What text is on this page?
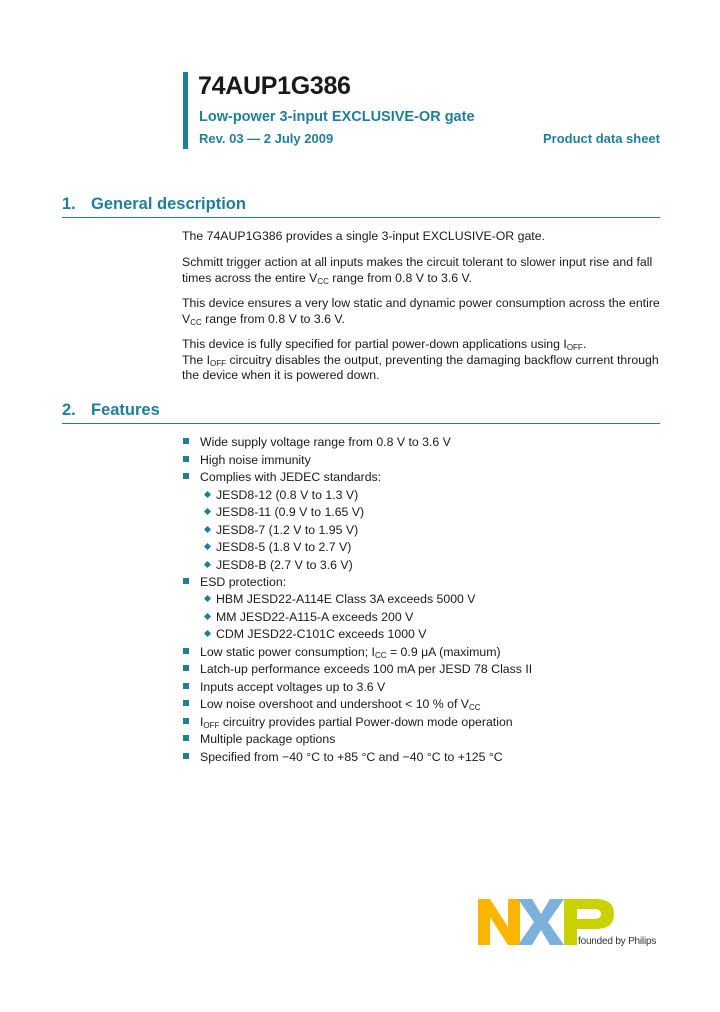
74AUP1G386
Low-power 3-input EXCLUSIVE-OR gate
Rev. 03 — 2 July 2009	Product data sheet
1. General description
The 74AUP1G386 provides a single 3-input EXCLUSIVE-OR gate.
Schmitt trigger action at all inputs makes the circuit tolerant to slower input rise and fall
times across the entire $V_{CC}$ range from 0.8 V to 3.6 V.
This device ensures a very low static and dynamic power consumption across the entire
$V_{CC}$ range from 0.8 V to 3.6 V.
This device is fully specified for partial power-down applications using $I_{OFF}$.
The $I_{OFF}$ circuitry disables the output, preventing the damaging backflow current through
the device when it is powered down.
2. Features
Wide supply voltage range from 0.8 V to 3.6 V
High noise immunity
Complies with JEDEC standards:
JESD8-12 (0.8 V to 1.3 V)
JESD8-11 (0.9 V to 1.65 V)
JESD8-7 (1.2 V to 1.95 V)
JESD8-5 (1.8 V to 2.7 V)
JESD8-B (2.7 V to 3.6 V)
ESD protection:
HBM JESD22-A114E Class 3A exceeds 5000 V
MM JESD22-A115-A exceeds 200 V
CDM JESD22-C101C exceeds 1000 V
Low static power consumption; $I_{CC} = 0.9$ μA (maximum)
Latch-up performance exceeds 100 mA per JESD 78 Class II
Inputs accept voltages up to 3.6 V
Low noise overshoot and undershoot < 10 % of $V_{CC}$
$I_{OFF}$ circuitry provides partial Power-down mode operation
Multiple package options
Specified from −40 °C to +85 °C and −40 °C to +125 °C
founded by Philips
